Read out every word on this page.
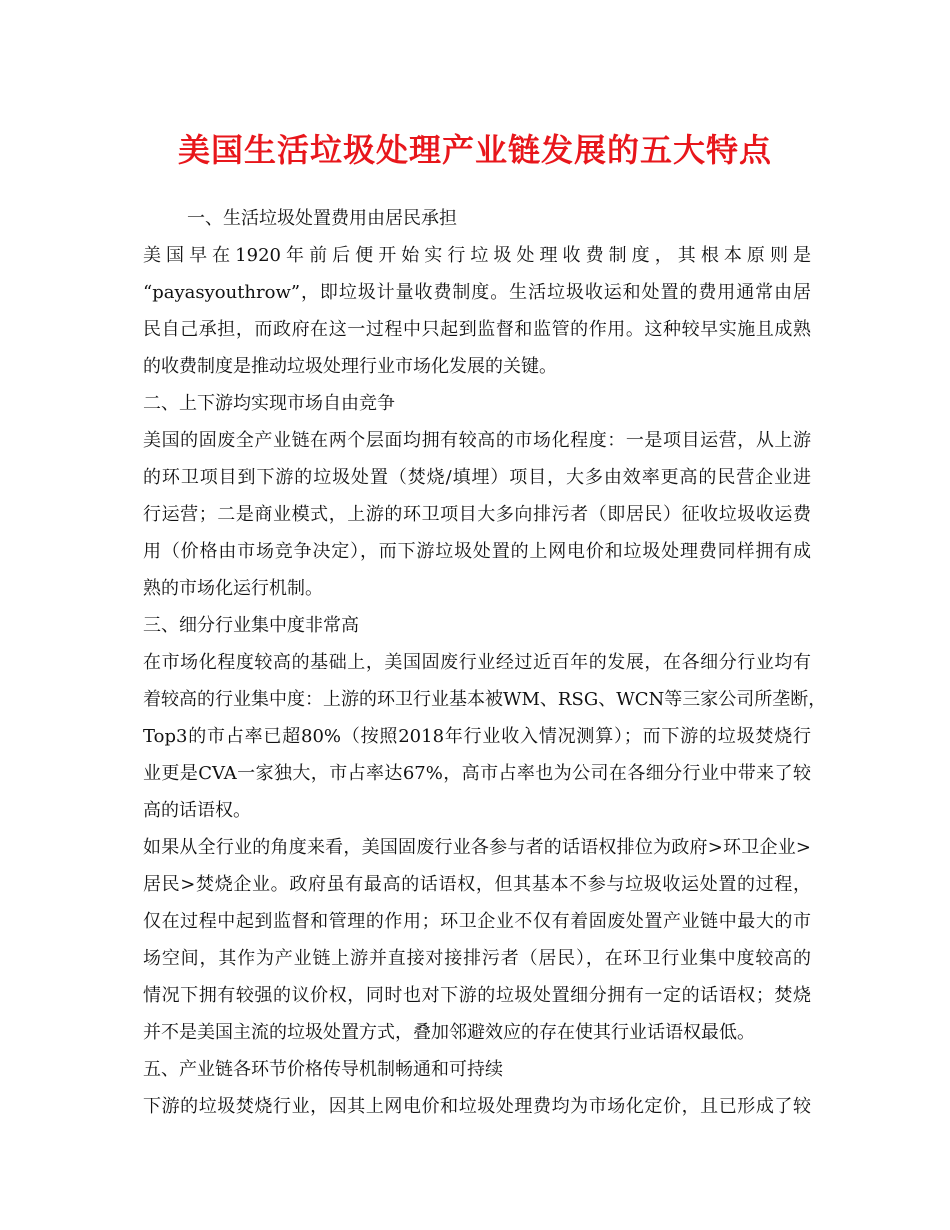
美国生活垃圾处理产业链发展的五大特点
一、生活垃圾处置费用由居民承担
美国早在1920年前后便开始实行垃圾处理收费制度，其根本原则是
“payasyouthrow”，即垃圾计量收费制度。生活垃圾收运和处置的费用通常由居
民自己承担，而政府在这一过程中只起到监督和监管的作用。这种较早实施且成熟
的收费制度是推动垃圾处理行业市场化发展的关键。
二、上下游均实现市场自由竞争
美国的固废全产业链在两个层面均拥有较高的市场化程度：一是项目运营，从上游
的环卫项目到下游的垃圾处置（焚烧/填埋）项目，大多由效率更高的民营企业进
行运营；二是商业模式，上游的环卫项目大多向排污者（即居民）征收垃圾收运费
用（价格由市场竞争决定），而下游垃圾处置的上网电价和垃圾处理费同样拥有成
熟的市场化运行机制。
三、细分行业集中度非常高
在市场化程度较高的基础上，美国固废行业经过近百年的发展，在各细分行业均有
着较高的行业集中度：上游的环卫行业基本被WM、RSG、WCN等三家公司所垄断，
Top3的市占率已超80%（按照2018年行业收入情况测算）；而下游的垃圾焚烧行
业更是CVA一家独大，市占率达67%，高市占率也为公司在各细分行业中带来了较
高的话语权。
如果从全行业的角度来看，美国固废行业各参与者的话语权排位为政府>环卫企业>
居民>焚烧企业。政府虽有最高的话语权，但其基本不参与垃圾收运处置的过程，
仅在过程中起到监督和管理的作用；环卫企业不仅有着固废处置产业链中最大的市
场空间，其作为产业链上游并直接对接排污者（居民），在环卫行业集中度较高的
情况下拥有较强的议价权，同时也对下游的垃圾处置细分拥有一定的话语权；焚烧
并不是美国主流的垃圾处置方式，叠加邻避效应的存在使其行业话语权最低。
五、产业链各环节价格传导机制畅通和可持续
下游的垃圾焚烧行业，因其上网电价和垃圾处理费均为市场化定价，且已形成了较
